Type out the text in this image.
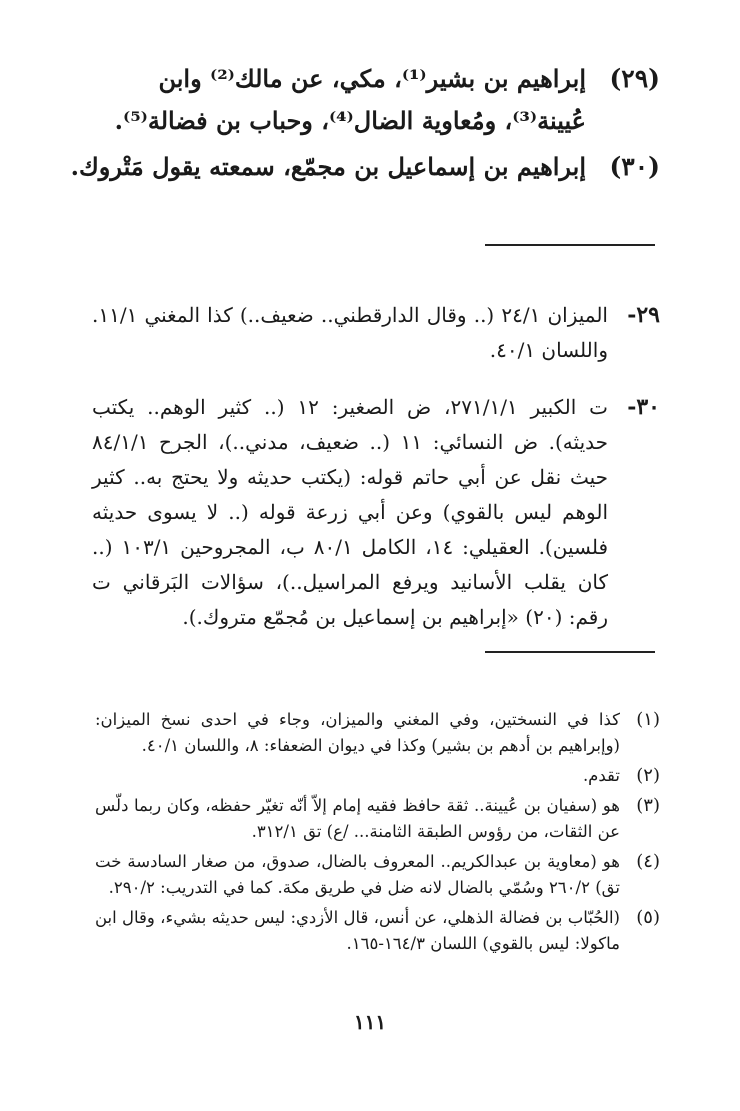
(٢٩)
إبراهيم بن بشير⁽¹⁾، مكي، عن مالك⁽²⁾ وابن عُيينة⁽³⁾، ومُعاوية الضال⁽⁴⁾، وحباب بن فضالة⁽⁵⁾.
(٣٠)
إبراهيم بن إسماعيل بن مجمّع، سمعته يقول مَتْروك.
٢٩-
الميزان ٢٤/١ (.. وقال الدارقطني.. ضعيف..) كذا المغني ١١/١. واللسان ٤٠/١.
٣٠-
ت الكبير ٢٧١/١/١، ض الصغير: ١٢ (.. كثير الوهم.. يكتب حديثه). ض النسائي: ١١ (.. ضعيف، مدني..)، الجرح ٨٤/١/١ حيث نقل عن أبي حاتم قوله: (يكتب حديثه ولا يحتج به.. كثير الوهم ليس بالقوي) وعن أبي زرعة قوله (.. لا يسوى حديثه فلسين). العقيلي: ١٤، الكامل ٨٠/١ ب، المجروحين ١٠٣/١ (.. كان يقلب الأسانيد ويرفع المراسيل..)، سؤالات البَرقاني ت رقم: (٢٠) «إبراهيم بن إسماعيل بن مُجمّع متروك.).
(١)
كذا في النسختين، وفي المغني والميزان، وجاء في احدى نسخ الميزان: (وإبراهيم بن أدهم بن بشير) وكذا في ديوان الضعفاء: ٨، واللسان ٤٠/١.
(٢)
تقدم.
(٣)
هو (سفيان بن عُيينة.. ثقة حافظ فقيه إمام إلاّ أنّه تغيّر حفظه، وكان ربما دلّس عن الثقات، من رؤوس الطبقة الثامنة... /ع) تق ٣١٢/١.
(٤)
هو (معاوية بن عبدالكريم.. المعروف بالضال، صدوق، من صغار السادسة خت تق) ٢٦٠/٢ وسُمّي بالضال لانه ضل في طريق مكة. كما في التدريب: ٢٩٠/٢.
(٥)
(الحُبّاب بن فضالة الذهلي، عن أنس، قال الأزدي: ليس حديثه بشيء، وقال ابن ماكولا: ليس بالقوي) اللسان ١٦٤/٣-١٦٥.
١١١
